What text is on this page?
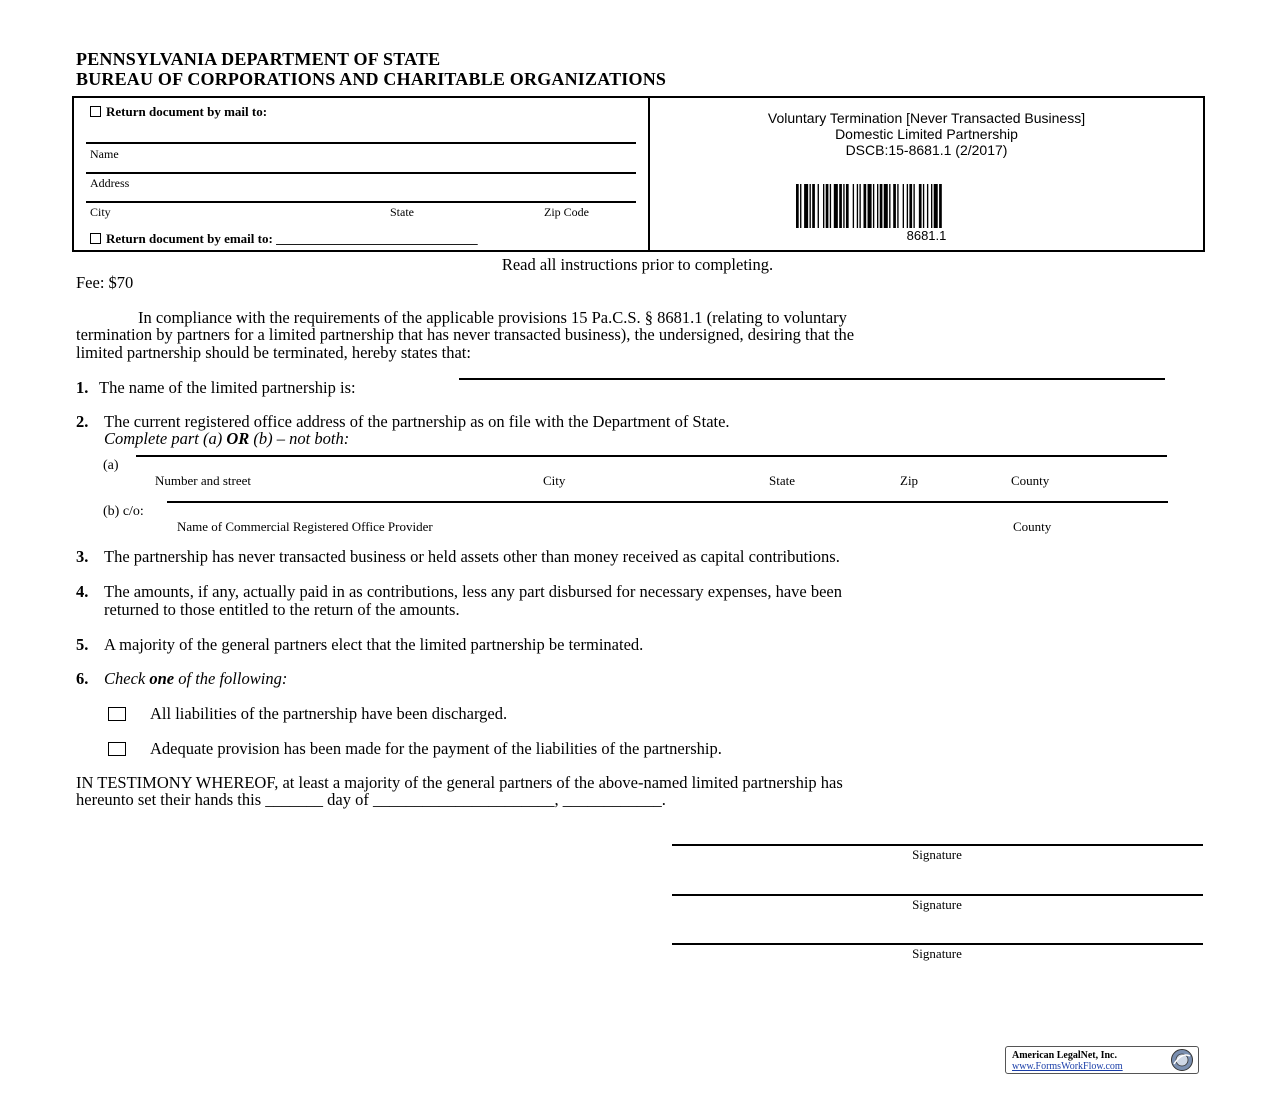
PENNSYLVANIA DEPARTMENT OF STATE
BUREAU OF CORPORATIONS AND CHARITABLE ORGANIZATIONS
Return document by mail to:
Name
Address
City	State	Zip Code
Return document by email to: _______________________________
Voluntary Termination [Never Transacted Business]
Domestic Limited Partnership
DSCB:15-8681.1 (2/2017)
8681.1
Read all instructions prior to completing.
Fee: $70
In compliance with the requirements of the applicable provisions 15 Pa.C.S. § 8681.1 (relating to voluntary
termination by partners for a limited partnership that has never transacted business), the undersigned, desiring that the
limited partnership should be terminated, hereby states that:
1. The name of the limited partnership is:
2. The current registered office address of the partnership as on file with the Department of State.
Complete part (a) OR (b) – not both:
(a)
Number and street	City	State	Zip	County
(b) c/o:
Name of Commercial Registered Office Provider	County
3. The partnership has never transacted business or held assets other than money received as capital contributions.
4. The amounts, if any, actually paid in as contributions, less any part disbursed for necessary expenses, have been
returned to those entitled to the return of the amounts.
5. A majority of the general partners elect that the limited partnership be terminated.
6. Check one of the following:
All liabilities of the partnership have been discharged.
Adequate provision has been made for the payment of the liabilities of the partnership.
IN TESTIMONY WHEREOF, at least a majority of the general partners of the above-named limited partnership has
hereunto set their hands this _______ day of ______________________, ____________.
Signature
Signature
Signature
American LegalNet, Inc.
www.FormsWorkFlow.com
